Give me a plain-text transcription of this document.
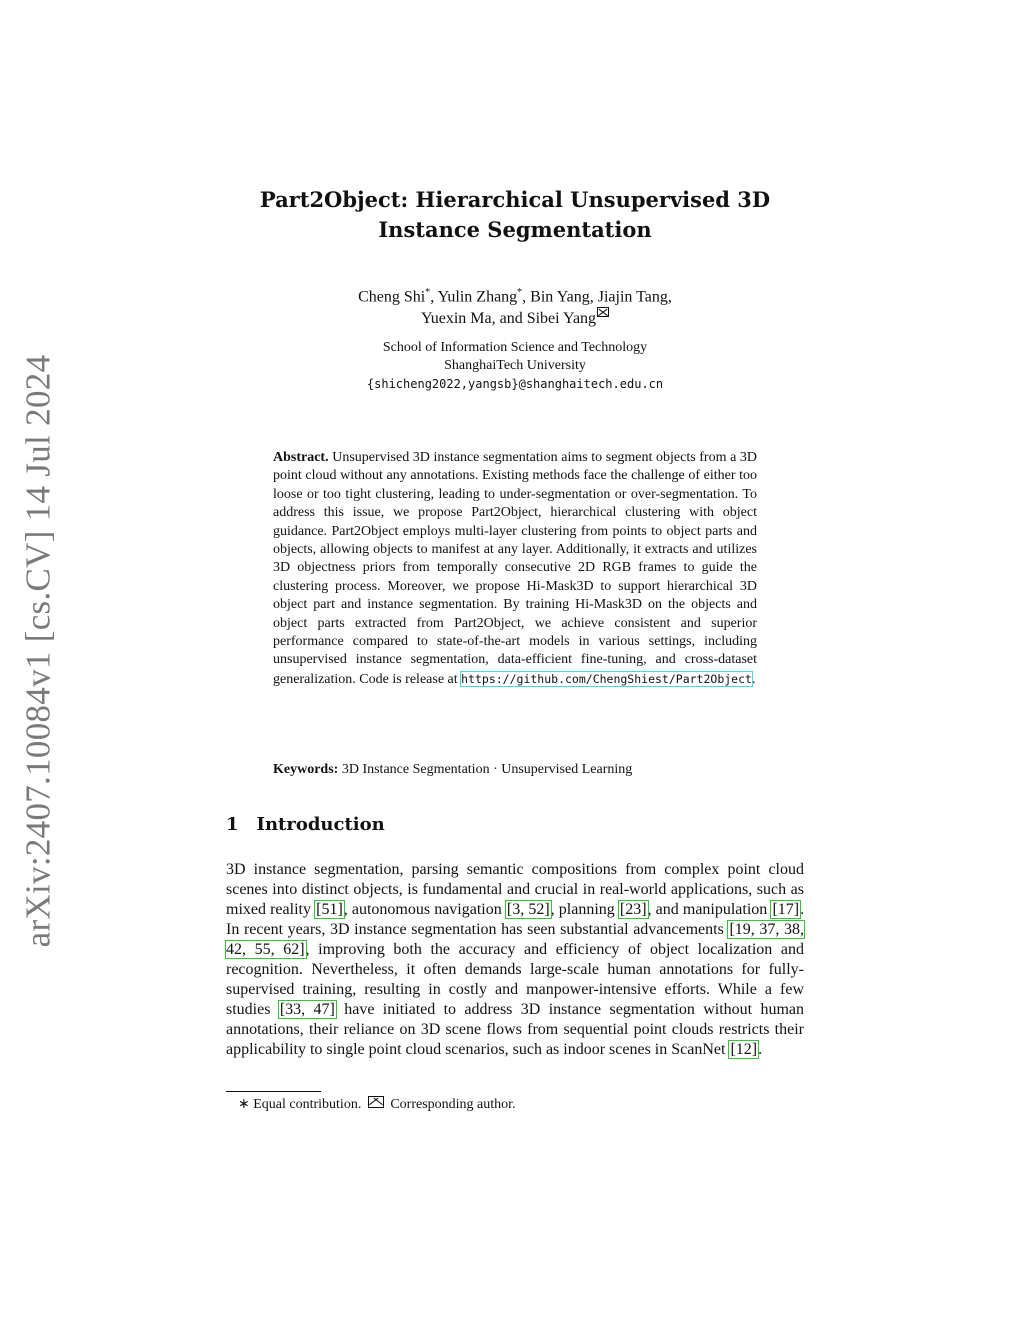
arXiv:2407.10084v1 [cs.CV] 14 Jul 2024
Part2Object: Hierarchical Unsupervised 3D
Instance Segmentation
Cheng Shi*, Yulin Zhang*, Bin Yang, Jiajin Tang,
Yuexin Ma, and Sibei Yang
School of Information Science and Technology
ShanghaiTech University
{shicheng2022,yangsb}@shanghaitech.edu.cn
Abstract. Unsupervised 3D instance segmentation aims to segment objects from a 3D point cloud without any annotations. Existing methods face the challenge of either too loose or too tight clustering, leading to under-segmentation or over-segmentation. To address this issue, we propose Part2Object, hierarchical clustering with object guidance. Part2Object employs multi-layer clustering from points to object parts and objects, allowing objects to manifest at any layer. Additionally, it extracts and utilizes 3D objectness priors from temporally consecutive 2D RGB frames to guide the clustering process. Moreover, we propose Hi-Mask3D to support hierarchical 3D object part and instance segmentation. By training Hi-Mask3D on the objects and object parts extracted from Part2Object, we achieve consistent and superior performance compared to state-of-the-art models in various settings, including unsupervised instance segmentation, data-efficient fine-tuning, and cross-dataset generalization. Code is release at https://github.com/ChengShiest/Part2Object.
Keywords: 3D Instance Segmentation · Unsupervised Learning
1 Introduction

3D instance segmentation, parsing semantic compositions from complex point cloud scenes into distinct objects, is fundamental and crucial in real-world applications, such as mixed reality [51], autonomous navigation [3, 52], planning [23], and manipulation [17]. In recent years, 3D instance segmentation has seen substantial advancements [19, 37, 38, 42, 55, 62], improving both the accuracy and efficiency of object localization and recognition. Nevertheless, it often demands large-scale human annotations for fully-supervised training, resulting in costly and manpower-intensive efforts. While a few studies [33, 47] have initiated to address 3D instance segmentation without human annotations, their reliance on 3D scene flows from sequential point clouds restricts their applicability to single point cloud scenarios, such as indoor scenes in ScanNet [12].

∗ Equal contribution. Corresponding author.
